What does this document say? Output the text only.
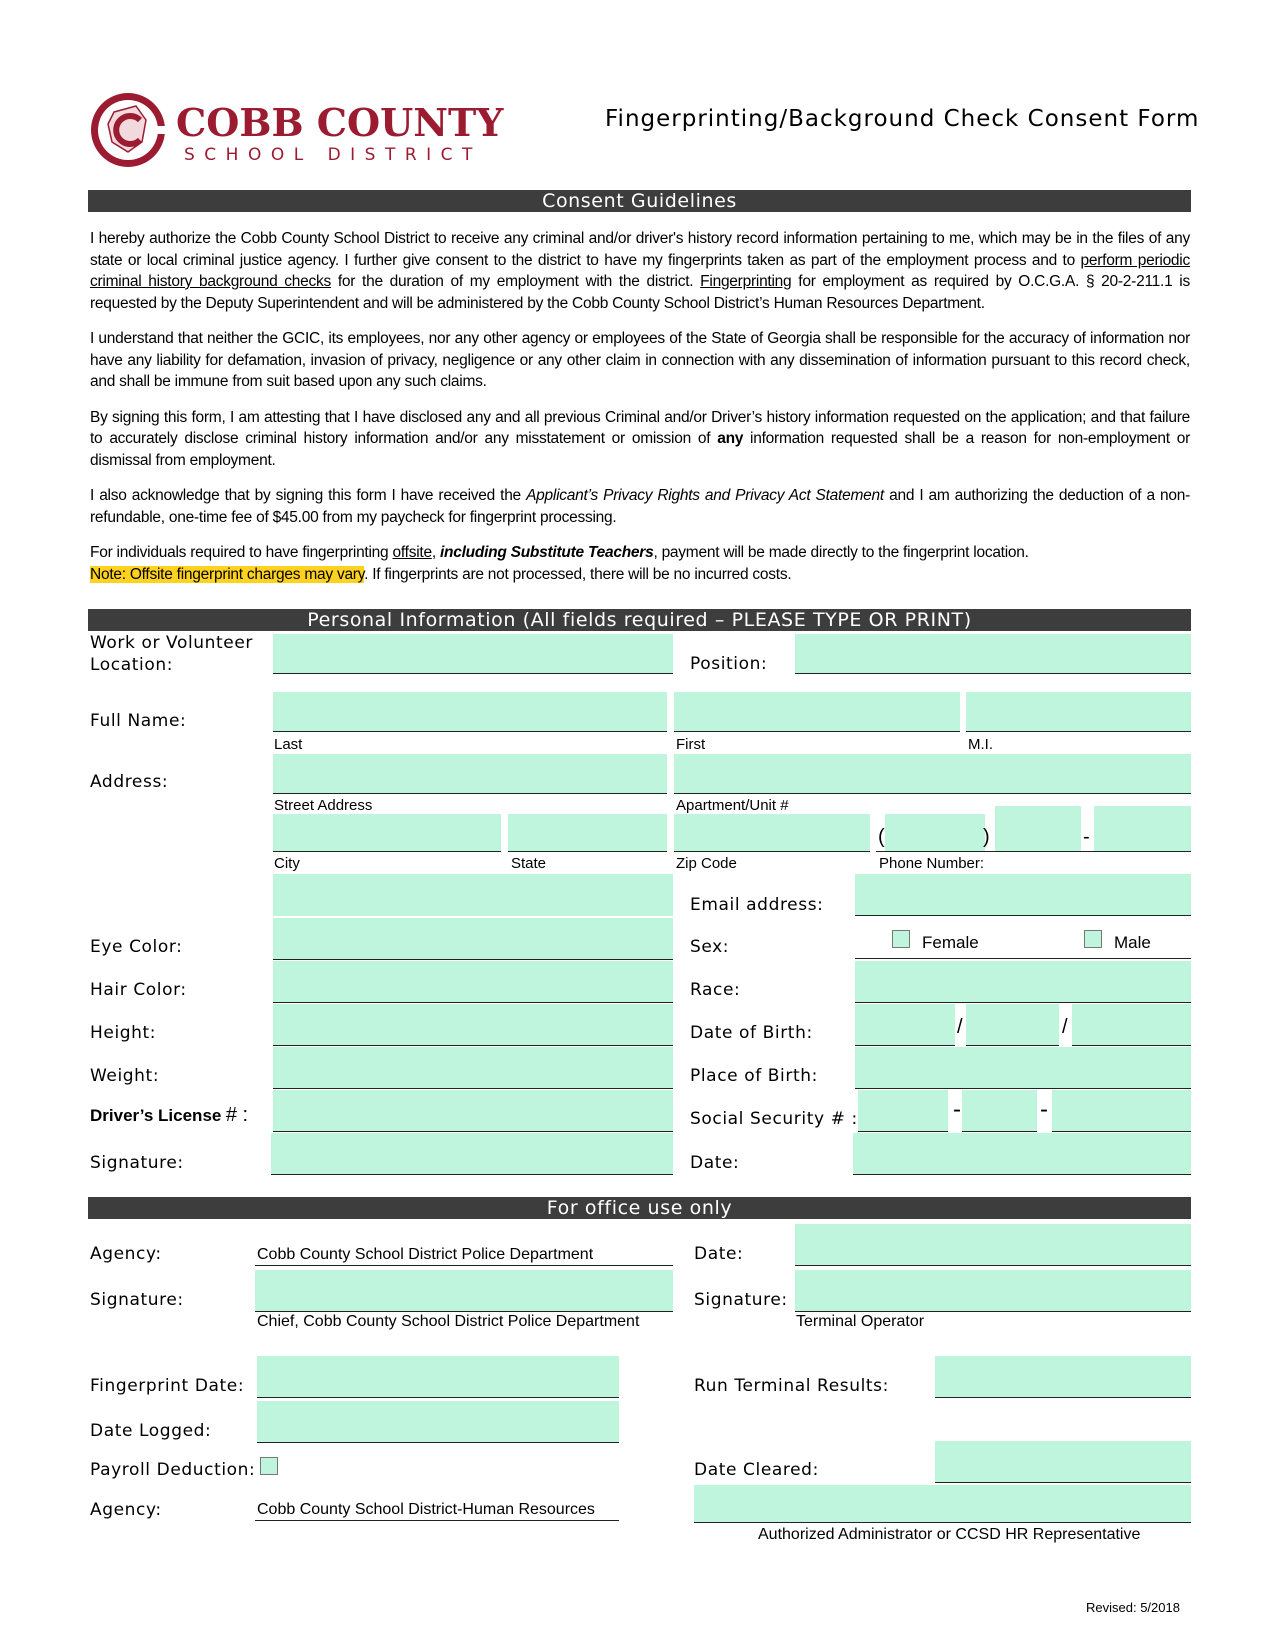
COBB COUNTY
SCHOOL DISTRICT
Fingerprinting/Background Check Consent Form
Consent Guidelines

I hereby authorize the Cobb County School District to receive any criminal and/or driver's history record information pertaining to me, which may be in the files of any state or local criminal justice agency. I further give consent to the district to have my fingerprints taken as part of the employment process and to perform periodic criminal history background checks for the duration of my employment with the district. Fingerprinting for employment as required by O.C.G.A. § 20-2-211.1 is requested by the Deputy Superintendent and will be administered by the Cobb County School District’s Human Resources Department.

I understand that neither the GCIC, its employees, nor any other agency or employees of the State of Georgia shall be responsible for the accuracy of information nor have any liability for defamation, invasion of privacy, negligence or any other claim in connection with any dissemination of information pursuant to this record check, and shall be immune from suit based upon any such claims.

By signing this form, I am attesting that I have disclosed any and all previous Criminal and/or Driver’s history information requested on the application; and that failure to accurately disclose criminal history information and/or any misstatement or omission of any information requested shall be a reason for non-employment or dismissal from employment.

I also acknowledge that by signing this form I have received the Applicant’s Privacy Rights and Privacy Act Statement and I am authorizing the deduction of a non-refundable, one-time fee of $45.00 from my paycheck for fingerprint processing.

For individuals required to have fingerprinting offsite, including Substitute Teachers, payment will be made directly to the fingerprint location.
Note: Offsite fingerprint charges may vary. If fingerprints are not processed, there will be no incurred costs.

Personal Information (All fields required – PLEASE TYPE OR PRINT)
Work or Volunteer
Location:	Position:
Full Name:
Last	First	M.I.
Address:
Street Address	Apartment/Unit #
(	)	-
City	State	Zip Code	Phone Number:
Email address:
Eye Color:	Sex:	Female	Male
Hair Color:	Race:
Height:	Date of Birth:	/	/
Weight:	Place of Birth:
Driver’s License # :	Social Security # :	-	-
Signature:	Date:
For office use only
Agency:	Cobb County School District Police Department	Date:
Signature:
Chief, Cobb County School District Police Department
Signature:
Terminal Operator
Fingerprint Date:	Run Terminal Results:
Date Logged:
Payroll Deduction:	Date Cleared:
Agency:	Cobb County School District-Human Resources
Authorized Administrator or CCSD HR Representative
Revised: 5/2018
